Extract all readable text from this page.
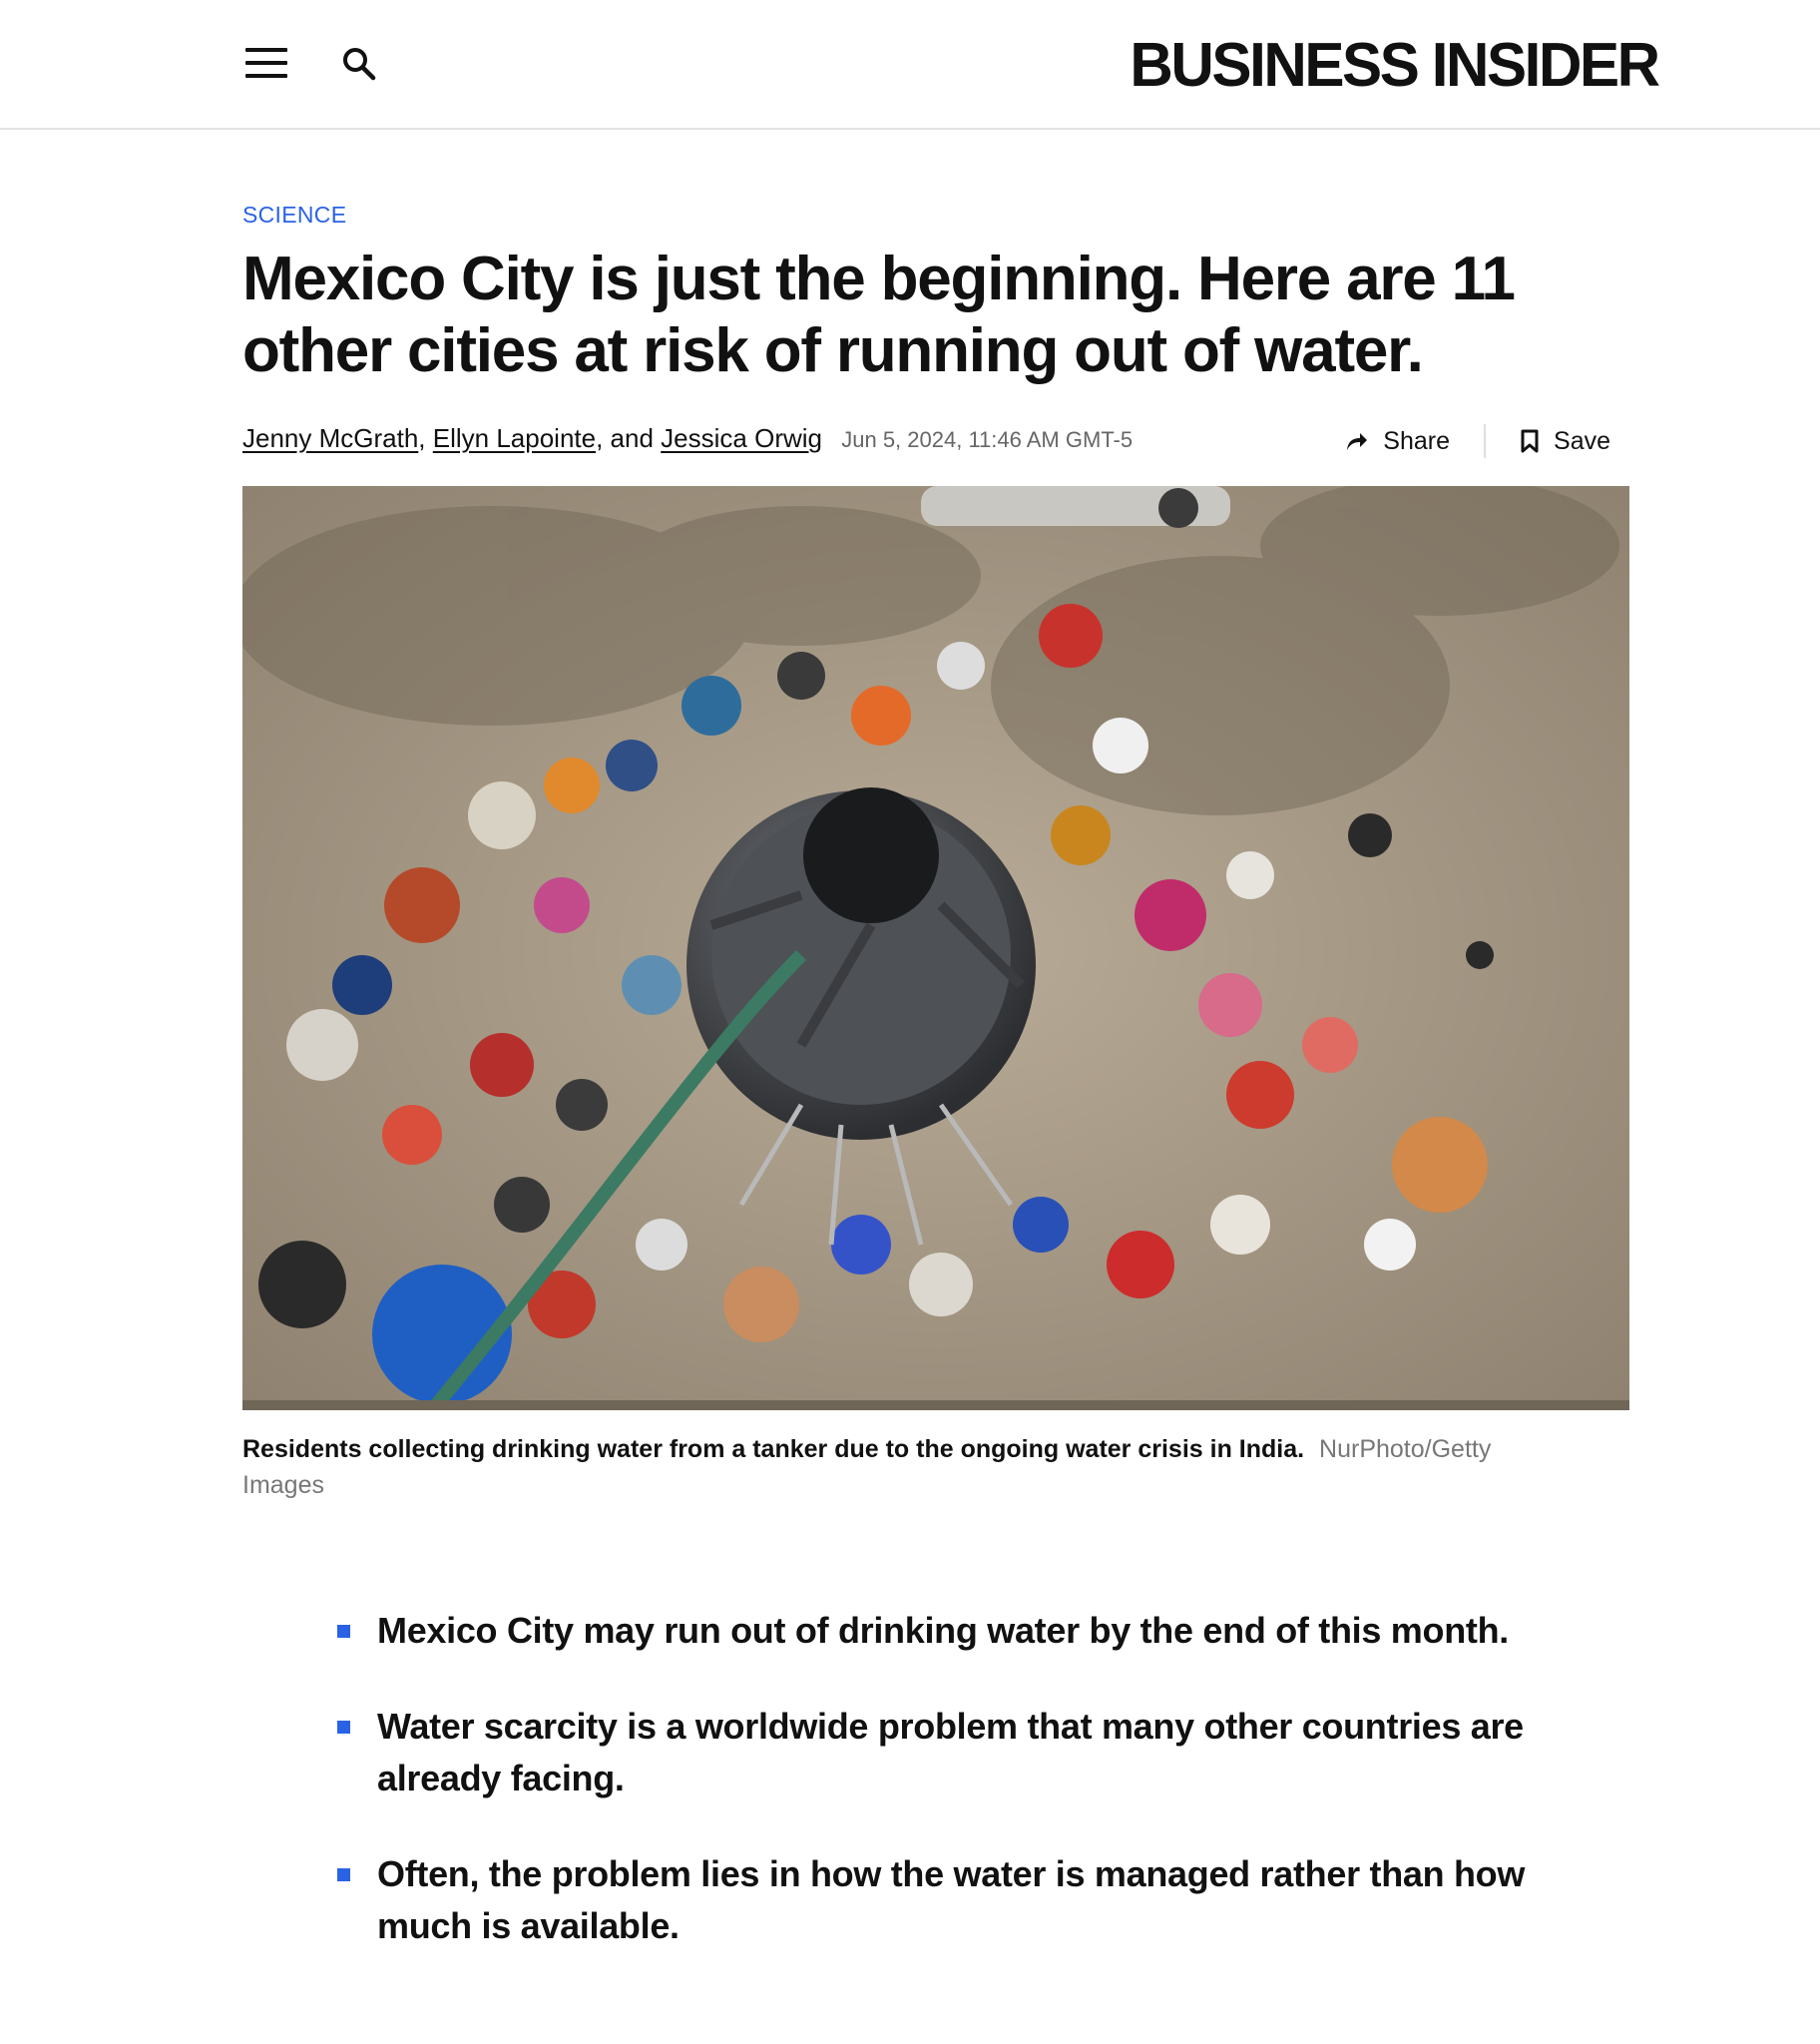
BUSINESS INSIDER
SCIENCE
Mexico City is just the beginning. Here are 11 other cities at risk of running out of water.
Jenny McGrath, Ellyn Lapointe, and Jessica Orwig Jun 5, 2024, 11:46 AM GMT-5	Share	Save
Residents collecting drinking water from a tanker due to the ongoing water crisis in India. NurPhoto/Getty Images
Mexico City may run out of drinking water by the end of this month.
Water scarcity is a worldwide problem that many other countries are already facing.
Often, the problem lies in how the water is managed rather than how much is available.
